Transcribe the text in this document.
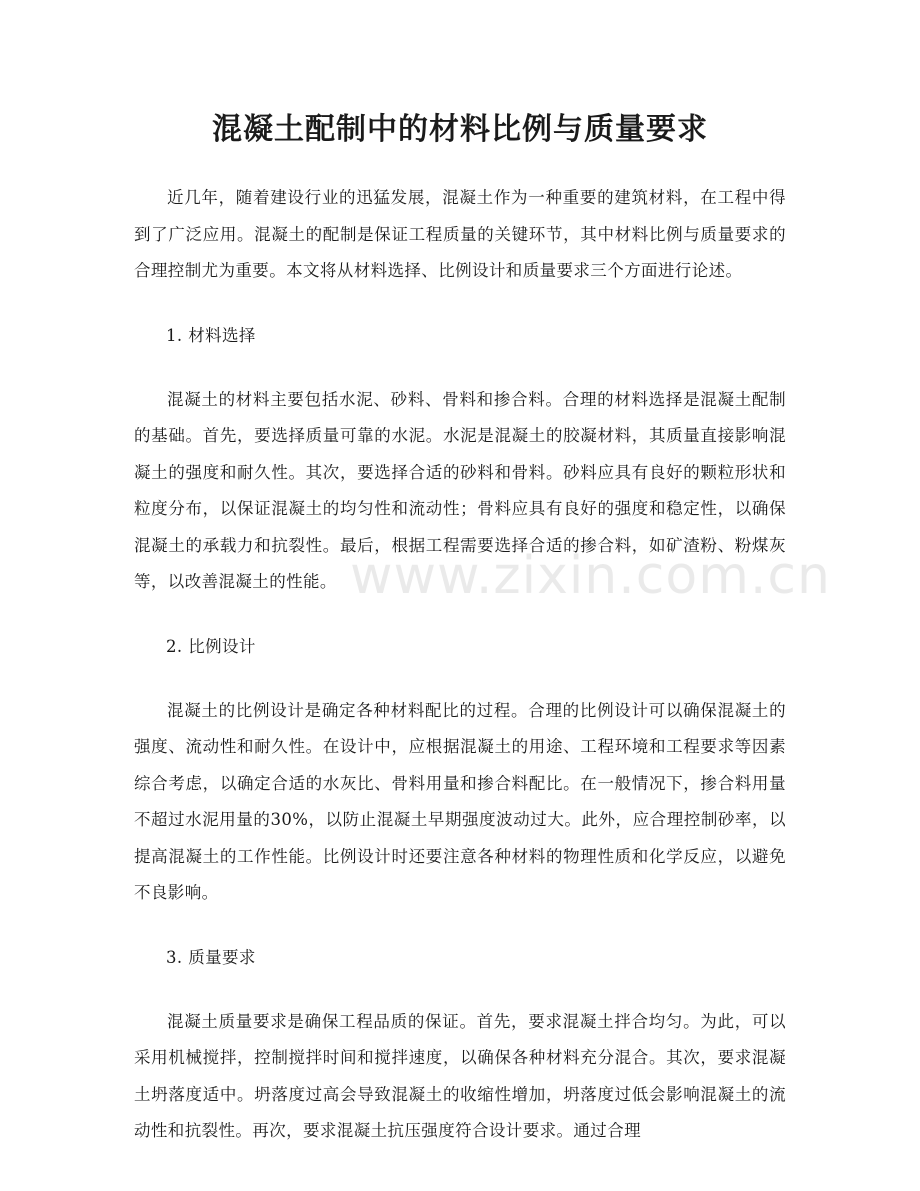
混凝土配制中的材料比例与质量要求

近几年，随着建设行业的迅猛发展，混凝土作为一种重要的建筑材料，在工程中得到了广泛应用。混凝土的配制是保证工程质量的关键环节，其中材料比例与质量要求的合理控制尤为重要。本文将从材料选择、比例设计和质量要求三个方面进行论述。

1. 材料选择

混凝土的材料主要包括水泥、砂料、骨料和掺合料。合理的材料选择是混凝土配制的基础。首先，要选择质量可靠的水泥。水泥是混凝土的胶凝材料，其质量直接影响混凝土的强度和耐久性。其次，要选择合适的砂料和骨料。砂料应具有良好的颗粒形状和粒度分布，以保证混凝土的均匀性和流动性；骨料应具有良好的强度和稳定性，以确保混凝土的承载力和抗裂性。最后，根据工程需要选择合适的掺合料，如矿渣粉、粉煤灰等，以改善混凝土的性能。

2. 比例设计

混凝土的比例设计是确定各种材料配比的过程。合理的比例设计可以确保混凝土的强度、流动性和耐久性。在设计中，应根据混凝土的用途、工程环境和工程要求等因素综合考虑，以确定合适的水灰比、骨料用量和掺合料配比。在一般情况下，掺合料用量不超过水泥用量的30%，以防止混凝土早期强度波动过大。此外，应合理控制砂率，以提高混凝土的工作性能。比例设计时还要注意各种材料的物理性质和化学反应，以避免不良影响。

3. 质量要求

混凝土质量要求是确保工程品质的保证。首先，要求混凝土拌合均匀。为此，可以采用机械搅拌，控制搅拌时间和搅拌速度，以确保各种材料充分混合。其次，要求混凝土坍落度适中。坍落度过高会导致混凝土的收缩性增加，坍落度过低会影响混凝土的流动性和抗裂性。再次，要求混凝土抗压强度符合设计要求。通过合理

www.zixin.com.cn
